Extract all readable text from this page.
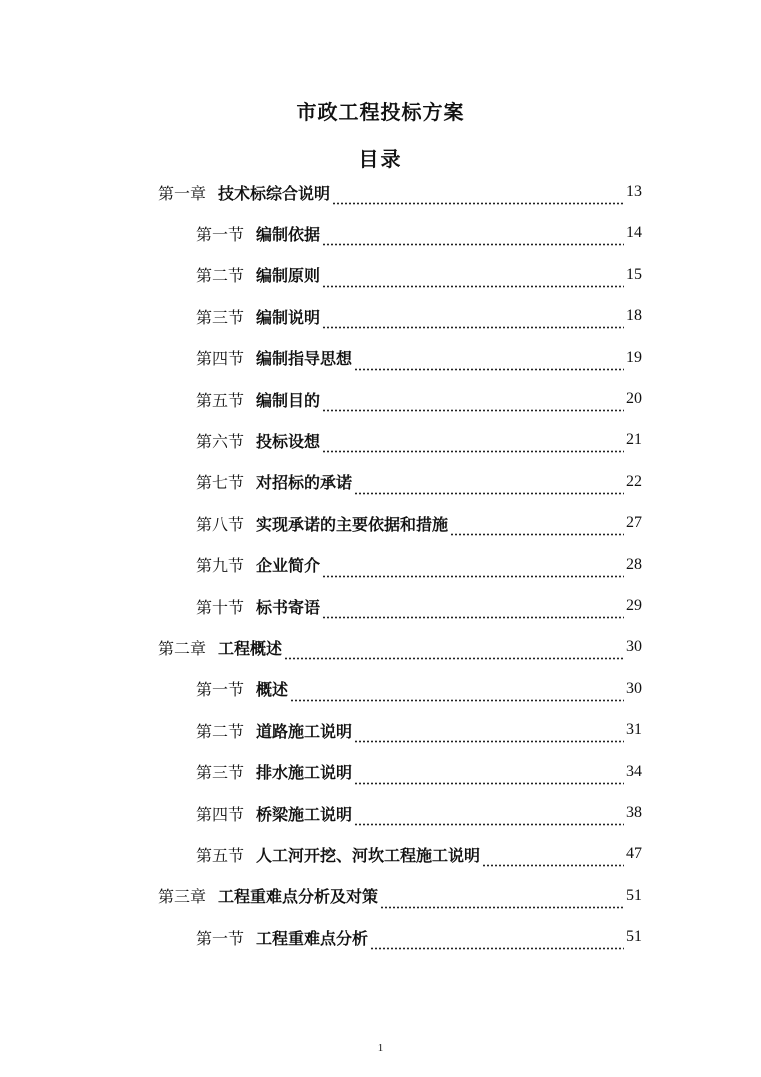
市政工程投标方案
目录
第一章 技术标综合说明	13
第一节 编制依据	14
第二节 编制原则	15
第三节 编制说明	18
第四节 编制指导思想	19
第五节 编制目的	20
第六节 投标设想	21
第七节 对招标的承诺	22
第八节 实现承诺的主要依据和措施	27
第九节 企业简介	28
第十节 标书寄语	29
第二章 工程概述	30
第一节 概述	30
第二节 道路施工说明	31
第三节 排水施工说明	34
第四节 桥梁施工说明	38
第五节 人工河开挖、河坎工程施工说明	47
第三章 工程重难点分析及对策	51
第一节 工程重难点分析	51
1
